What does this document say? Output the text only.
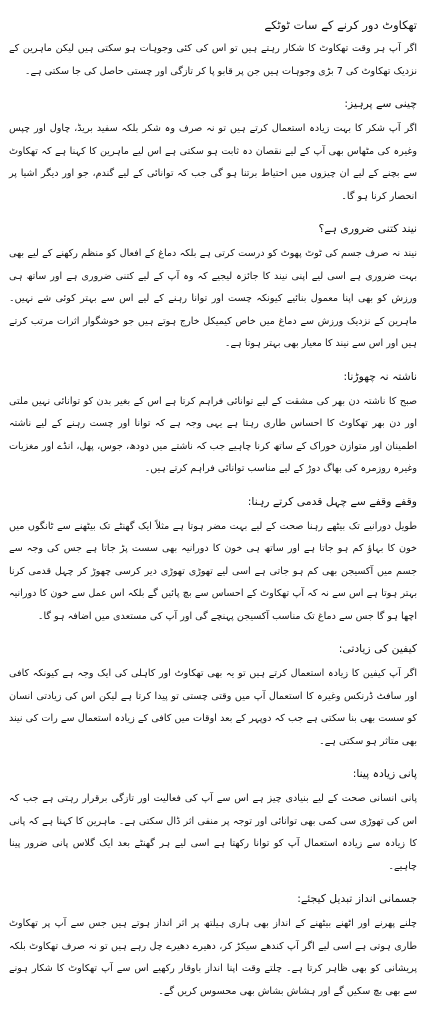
تھکاوٹ دور کرنے کے سات ٹوٹکے

اگر آپ ہر وقت تھکاوٹ کا شکار رہتے ہیں تو اس کی کئی وجوہات ہو سکتی ہیں لیکن ماہرین کے نزدیک تھکاوٹ کی 7 بڑی وجوہات ہیں جن پر قابو پا کر تازگی اور چستی حاصل کی جا سکتی ہے۔

چینی سے پرہیز:

اگر آپ شکر کا بہت زیادہ استعمال کرتے ہیں تو نہ صرف وہ شکر بلکہ سفید بریڈ، چاول اور چپس وغیرہ کی مٹھاس بھی آپ کے لیے نقصان دہ ثابت ہو سکتی ہے اس لیے ماہرین کا کہنا ہے کہ تھکاوٹ سے بچنے کے لیے ان چیزوں میں احتیاط برتنا ہو گی جب کہ توانائی کے لیے گندم، جو اور دیگر اشیا پر انحصار کرنا ہو گا۔

نیند کتنی ضروری ہے؟

نیند نہ صرف جسم کی ٹوٹ پھوٹ کو درست کرتی ہے بلکہ دماغ کے افعال کو منظم رکھنے کے لیے بھی بہت ضروری ہے اسی لیے اپنی نیند کا جائزہ لیجیے کہ وہ آپ کے لیے کتنی ضروری ہے اور ساتھ ہی ورزش کو بھی اپنا معمول بنائیے کیونکہ چست اور توانا رہنے کے لیے اس سے بہتر کوئی شے نہیں۔ ماہرین کے نزدیک ورزش سے دماغ میں خاص کیمیکل خارج ہوتے ہیں جو خوشگوار اثرات مرتب کرتے ہیں اور اس سے نیند کا معیار بھی بہتر ہوتا ہے۔

ناشتہ نہ چھوڑنا:

صبح کا ناشتہ دن بھر کی مشقت کے لیے توانائی فراہم کرتا ہے اس کے بغیر بدن کو توانائی نہیں ملتی اور دن بھر تھکاوٹ کا احساس طاری رہتا ہے یہی وجہ ہے کہ توانا اور چست رہنے کے لیے ناشتہ اطمینان اور متوازن خوراک کے ساتھ کرنا چاہیے جب کہ ناشتے میں دودھ، جوس، پھل، انڈے اور مغزیات وغیرہ روزمرہ کی بھاگ دوڑ کے لیے مناسب توانائی فراہم کرتے ہیں۔

وقفے وقفے سے چہل قدمی کرتے رہنا:

طویل دورانیے تک بیٹھے رہنا صحت کے لیے بہت مضر ہوتا ہے مثلاً ایک گھنٹے تک بیٹھنے سے ٹانگوں میں خون کا بہاؤ کم ہو جاتا ہے اور ساتھ ہی خون کا دورانیہ بھی سست پڑ جاتا ہے جس کی وجہ سے جسم میں آکسیجن بھی کم ہو جاتی ہے اسی لیے تھوڑی تھوڑی دیر کرسی چھوڑ کر چہل قدمی کرنا بہتر ہوتا ہے اس سے نہ کہ آپ تھکاوٹ کے احساس سے بچ پائیں گے بلکہ اس عمل سے خون کا دورانیہ اچھا ہو گا جس سے دماغ تک مناسب آکسیجن پہنچے گی اور آپ کی مستعدی میں اضافہ ہو گا۔

کیفین کی زیادتی:

اگر آپ کیفین کا زیادہ استعمال کرتے ہیں تو یہ بھی تھکاوٹ اور کاہلی کی ایک وجہ ہے کیونکہ کافی اور سافٹ ڈرنکس وغیرہ کا استعمال آپ میں وقتی چستی تو پیدا کرتا ہے لیکن اس کی زیادتی انسان کو سست بھی بنا سکتی ہے جب کہ دوپہر کے بعد اوقات میں کافی کے زیادہ استعمال سے رات کی نیند بھی متاثر ہو سکتی ہے۔

پانی زیادہ پینا:

پانی انسانی صحت کے لیے بنیادی چیز ہے اس سے آپ کی فعالیت اور تازگی برقرار رہتی ہے جب کہ اس کی تھوڑی سی کمی بھی توانائی اور توجہ پر منفی اثر ڈال سکتی ہے۔ ماہرین کا کہنا ہے کہ پانی کا زیادہ سے زیادہ استعمال آپ کو توانا رکھتا ہے اسی لیے ہر گھنٹے بعد ایک گلاس پانی ضرور پینا چاہیے۔

جسمانی انداز تبدیل کیجئے:

چلنے پھرنے اور اٹھنے بیٹھنے کے انداز بھی ہاری ہیلتھ پر اثر انداز ہوتے ہیں جس سے آپ پر تھکاوٹ طاری ہوتی ہے اسی لیے اگر آپ کندھے سیکڑ کر، دھیرے دھیرے چل رہے ہیں تو نہ صرف تھکاوٹ بلکہ پریشانی کو بھی ظاہر کرتا ہے۔ چلتے وقت اپنا انداز باوقار رکھیے اس سے آپ تھکاوٹ کا شکار ہونے سے بھی بچ سکیں گے اور ہشاش بشاش بھی محسوس کریں گے۔
